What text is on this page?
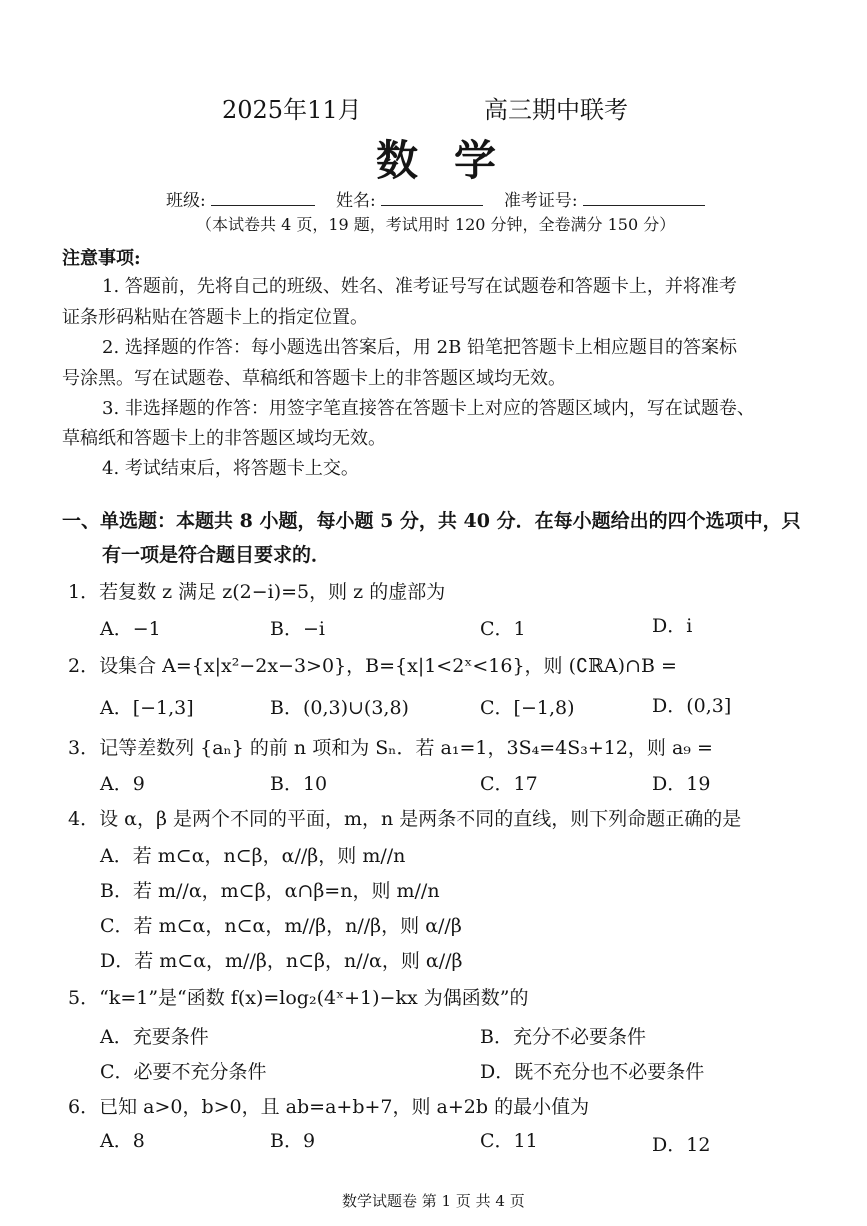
2025年11月	高三期中联考
数 学
班级:	姓名:	准考证号:
（本试卷共 4 页，19 题，考试用时 120 分钟，全卷满分 150 分）
注意事项:
1. 答题前，先将自己的班级、姓名、准考证号写在试题卷和答题卡上，并将准考
证条形码粘贴在答题卡上的指定位置。
2. 选择题的作答：每小题选出答案后，用 2B 铅笔把答题卡上相应题目的答案标
号涂黑。写在试题卷、草稿纸和答题卡上的非答题区域均无效。
3. 非选择题的作答：用签字笔直接答在答题卡上对应的答题区域内，写在试题卷、
草稿纸和答题卡上的非答题区域均无效。
4. 考试结束后，将答题卡上交。
一、单选题：本题共 8 小题，每小题 5 分，共 40 分．在每小题给出的四个选项中，只
有一项是符合题目要求的．
1．若复数 z 满足 z(2−i)=5，则 z 的虚部为
A．−1	B．−i	C．1	D．i
2．设集合 A={x|x²−2x−3>0}，B={x|1<2ˣ<16}，则 (∁ℝA)∩B =
A．[−1,3]	B．(0,3)∪(3,8)	C．[−1,8)	D．(0,3]
3．记等差数列 {aₙ} 的前 n 项和为 Sₙ．若 a₁=1，3S₄=4S₃+12，则 a₉ =
A．9	B．10	C．17	D．19
4．设 α，β 是两个不同的平面，m，n 是两条不同的直线，则下列命题正确的是
A．若 m⊂α，n⊂β，α//β，则 m//n
B．若 m//α，m⊂β，α∩β=n，则 m//n
C．若 m⊂α，n⊂α，m//β，n//β，则 α//β
D．若 m⊂α，m//β，n⊂β，n//α，则 α//β
5．“k=1”是“函数 f(x)=log₂(4ˣ+1)−kx 为偶函数”的
A．充要条件	B．充分不必要条件
C．必要不充分条件	D．既不充分也不必要条件
6．已知 a>0，b>0，且 ab=a+b+7，则 a+2b 的最小值为
A．8	B．9	C．11	D．12
数学试题卷 第 1 页 共 4 页
